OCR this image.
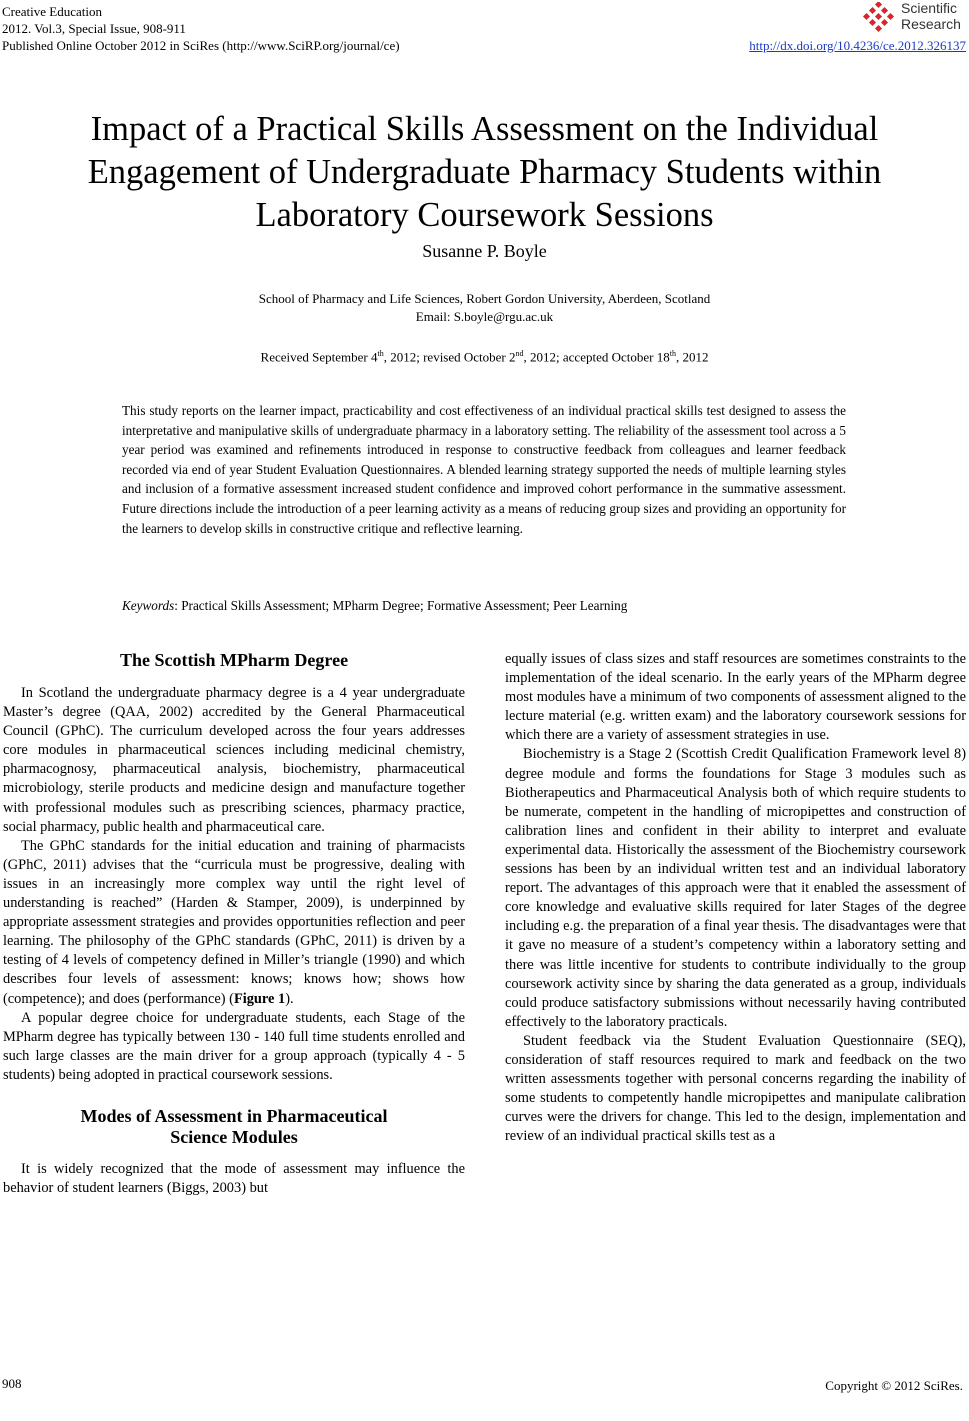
Creative Education
2012. Vol.3, Special Issue, 908-911
Published Online October 2012 in SciRes (http://www.SciRP.org/journal/ce)	http://dx.doi.org/10.4236/ce.2012.326137
Scientific
Research
Impact of a Practical Skills Assessment on the Individual
Engagement of Undergraduate Pharmacy Students within
Laboratory Coursework Sessions
Susanne P. Boyle
School of Pharmacy and Life Sciences, Robert Gordon University, Aberdeen, Scotland
Email: S.boyle@rgu.ac.uk
Received September 4th, 2012; revised October 2nd, 2012; accepted October 18th, 2012
This study reports on the learner impact, practicability and cost effectiveness of an individual practical skills test designed to assess the interpretative and manipulative skills of undergraduate pharmacy in a laboratory setting. The reliability of the assessment tool across a 5 year period was examined and refinements introduced in response to constructive feedback from colleagues and learner feedback recorded via end of year Student Evaluation Questionnaires. A blended learning strategy supported the needs of multiple learning styles and inclusion of a formative assessment increased student confidence and improved cohort performance in the summative assessment. Future directions include the introduction of a peer learning activity as a means of reducing group sizes and providing an opportunity for the learners to develop skills in constructive critique and reflective learning.
Keywords: Practical Skills Assessment; MPharm Degree; Formative Assessment; Peer Learning
The Scottish MPharm Degree

In Scotland the undergraduate pharmacy degree is a 4 year undergraduate Master’s degree (QAA, 2002) accredited by the General Pharmaceutical Council (GPhC). The curriculum developed across the four years addresses core modules in pharmaceutical sciences including medicinal chemistry, pharmacognosy, pharmaceutical analysis, biochemistry, pharmaceutical microbiology, sterile products and medicine design and manufacture together with professional modules such as prescribing sciences, pharmacy practice, social pharmacy, public health and pharmaceutical care.

The GPhC standards for the initial education and training of pharmacists (GPhC, 2011) advises that the “curricula must be progressive, dealing with issues in an increasingly more complex way until the right level of understanding is reached” (Harden & Stamper, 2009), is underpinned by appropriate assessment strategies and provides opportunities reflection and peer learning. The philosophy of the GPhC standards (GPhC, 2011) is driven by a testing of 4 levels of competency defined in Miller’s triangle (1990) and which describes four levels of assessment: knows; knows how; shows how (competence); and does (performance) (Figure 1).

A popular degree choice for undergraduate students, each Stage of the MPharm degree has typically between 130 - 140 full time students enrolled and such large classes are the main driver for a group approach (typically 4 - 5 students) being adopted in practical coursework sessions.

Modes of Assessment in Pharmaceutical
Science Modules

It is widely recognized that the mode of assessment may influence the behavior of student learners (Biggs, 2003) but

equally issues of class sizes and staff resources are sometimes constraints to the implementation of the ideal scenario. In the early years of the MPharm degree most modules have a minimum of two components of assessment aligned to the lecture material (e.g. written exam) and the laboratory coursework sessions for which there are a variety of assessment strategies in use.

Biochemistry is a Stage 2 (Scottish Credit Qualification Framework level 8) degree module and forms the foundations for Stage 3 modules such as Biotherapeutics and Pharmaceutical Analysis both of which require students to be numerate, competent in the handling of micropipettes and construction of calibration lines and confident in their ability to interpret and evaluate experimental data. Historically the assessment of the Biochemistry coursework sessions has been by an individual written test and an individual laboratory report. The advantages of this approach were that it enabled the assessment of core knowledge and evaluative skills required for later Stages of the degree including e.g. the preparation of a final year thesis. The disadvantages were that it gave no measure of a student’s competency within a laboratory setting and there was little incentive for students to contribute individually to the group coursework activity since by sharing the data generated as a group, individuals could produce satisfactory submissions without necessarily having contributed effectively to the laboratory practicals.

Student feedback via the Student Evaluation Questionnaire (SEQ), consideration of staff resources required to mark and feedback on the two written assessments together with personal concerns regarding the inability of some students to competently handle micropipettes and manipulate calibration curves were the drivers for change. This led to the design, implementation and review of an individual practical skills test as a

908	Copyright © 2012 SciRes.
